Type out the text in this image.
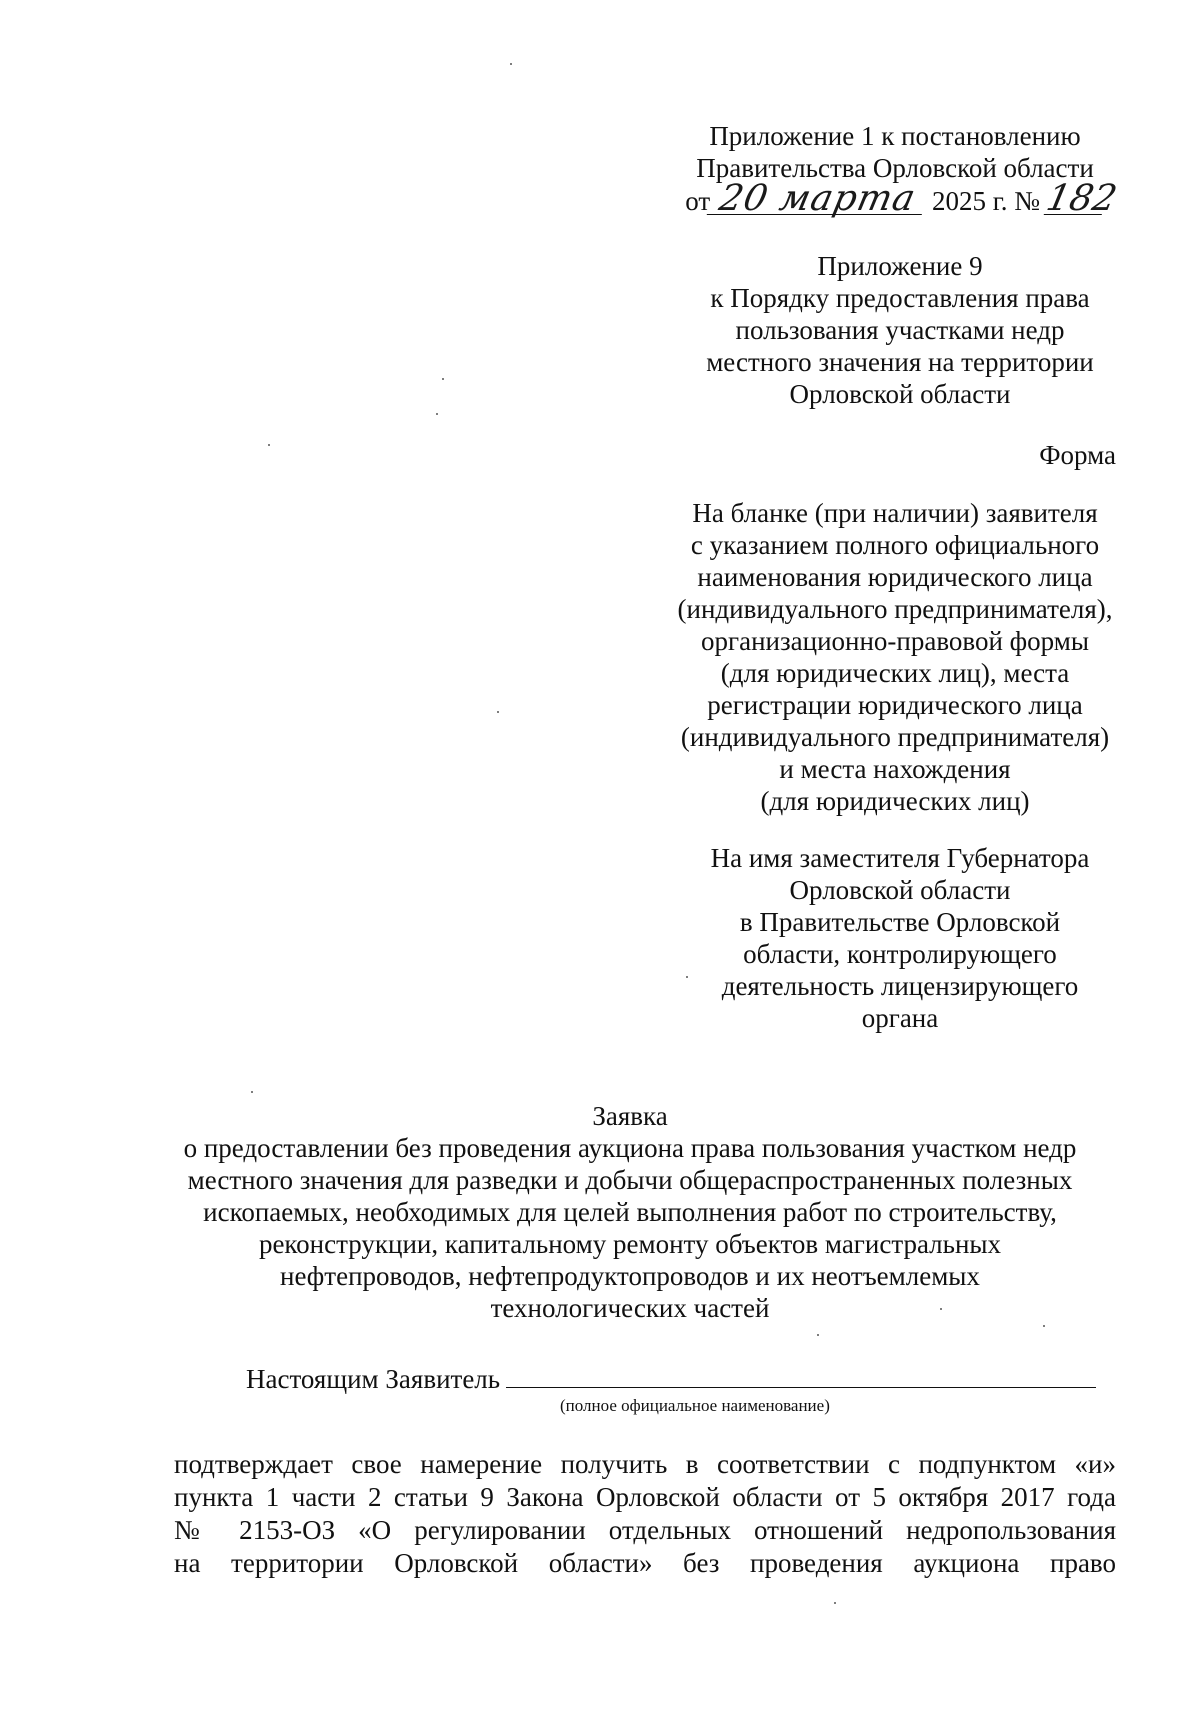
Приложение 1 к постановлению
Правительства Орловской области
от 20 марта 2025 г. № 182
Приложение 9
к Порядку предоставления права
пользования участками недр
местного значения на территории
Орловской области
Форма
На бланке (при наличии) заявителя
с указанием полного официального
наименования юридического лица
(индивидуального предпринимателя),
организационно-правовой формы
(для юридических лиц), места
регистрации юридического лица
(индивидуального предпринимателя)
и места нахождения
(для юридических лиц)
На имя заместителя Губернатора
Орловской области
в Правительстве Орловской
области, контролирующего
деятельность лицензирующего
органа
Заявка
о предоставлении без проведения аукциона права пользования участком недр
местного значения для разведки и добычи общераспространенных полезных
ископаемых, необходимых для целей выполнения работ по строительству,
реконструкции, капитальному ремонту объектов магистральных
нефтепроводов, нефтепродуктопроводов и их неотъемлемых
технологических частей
Настоящим Заявитель
(полное официальное наименование)
подтверждает свое намерение получить в соответствии с подпунктом «и»
пункта 1 части 2 статьи 9 Закона Орловской области от 5 октября 2017 года
№ 2153-ОЗ «О регулировании отдельных отношений недропользования
на территории Орловской области» без проведения аукциона право
